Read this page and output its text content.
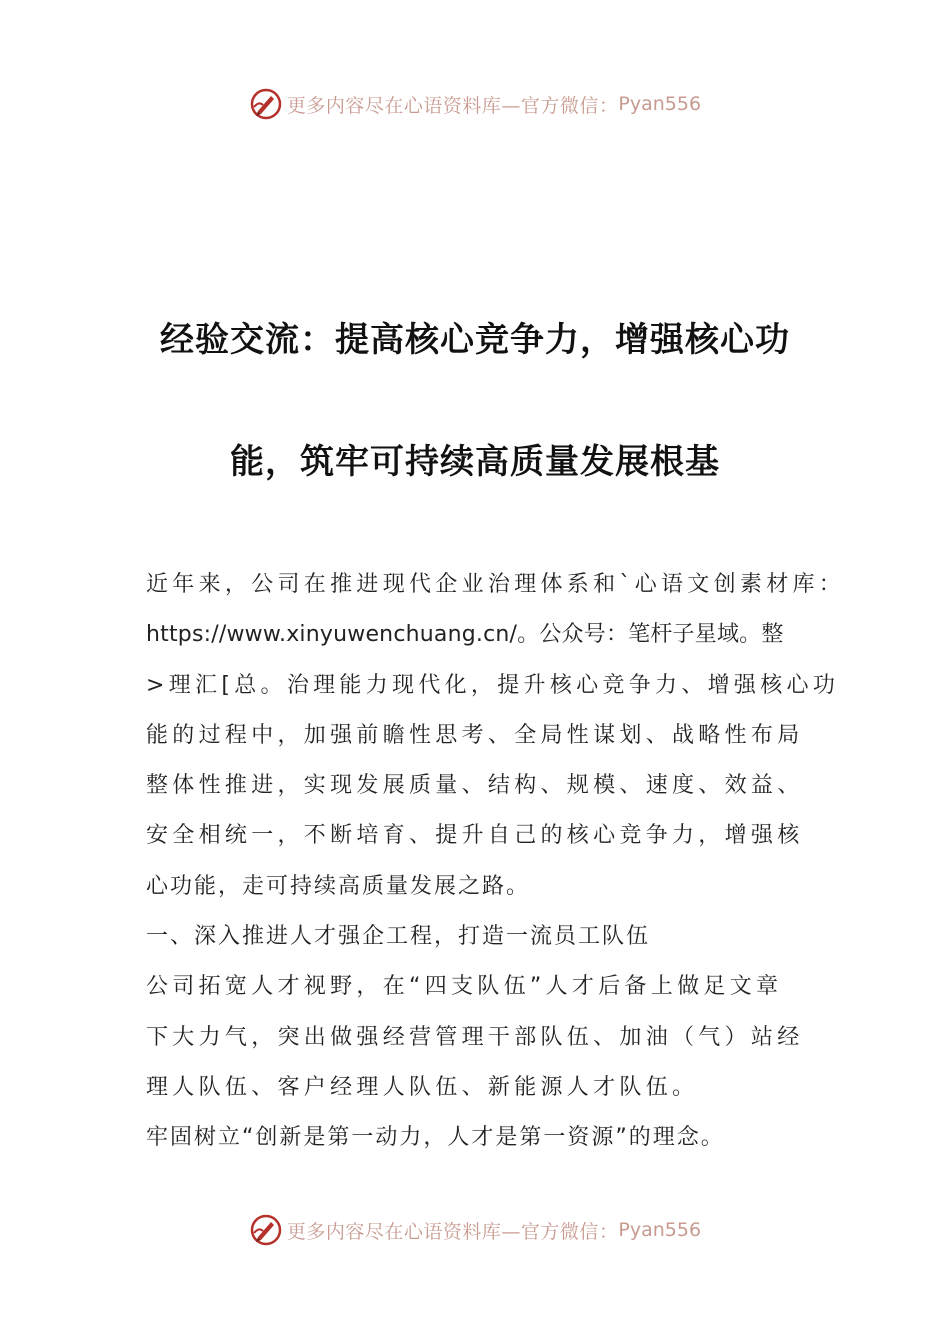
更多内容尽在心语资料库—官方微信： Pyan556
经验交流：提高核心竞争力，增强核心功
能，筑牢可持续高质量发展根基
近年来，公司在推进现代企业治理体系和`心语文创素材库：
https://www.xinyuwenchuang.cn/。公众号：笔杆子星域。整
>理汇[总。治理能力现代化，提升核心竞争力、增强核心功
能的过程中，加强前瞻性思考、全局性谋划、战略性布局
整体性推进，实现发展质量、结构、规模、速度、效益、
安全相统一，不断培育、提升自己的核心竞争力，增强核
心功能，走可持续高质量发展之路。
一、深入推进人才强企工程，打造一流员工队伍
公司拓宽人才视野，在“四支队伍”人才后备上做足文章
下大力气，突出做强经营管理干部队伍、加油（气）站经
理人队伍、客户经理人队伍、新能源人才队伍。
牢固树立“创新是第一动力，人才是第一资源”的理念。
更多内容尽在心语资料库—官方微信： Pyan556
